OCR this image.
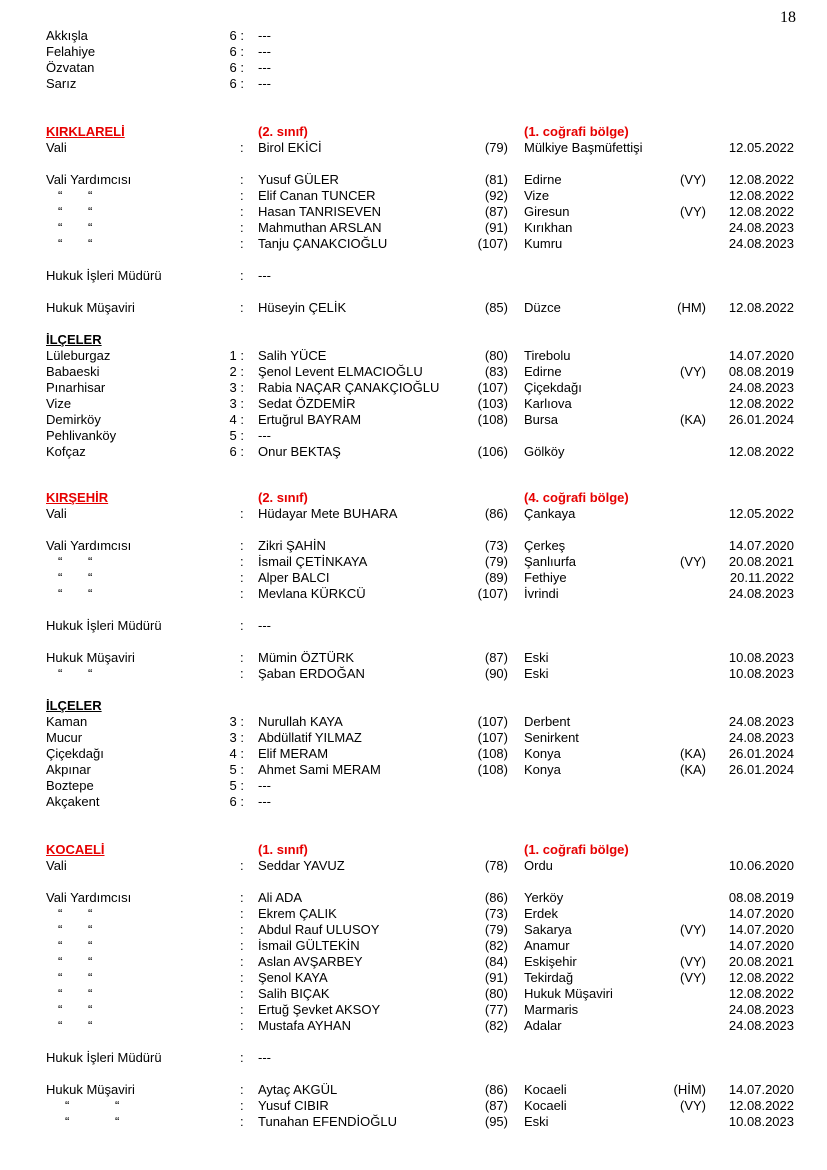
18
Akkışla	6 : ---
Felahiye	6 : ---
Özvatan	6 : ---
Sarız	6 : ---
KIRKLARELİ	(2. sınıf)	(1. coğrafi bölge)
Vali	: Birol EKİCİ	(79) Mülkiye Başmüfettişi	12.05.2022
Vali Yardımcısı	: Yusuf GÜLER	(81) Edirne	(VY)	12.08.2022
“ “	: Elif Canan TUNCER	(92) Vize	12.08.2022
“ “	: Hasan TANRISEVEN	(87) Giresun	(VY)	12.08.2022
“ “	: Mahmuthan ARSLAN	(91) Kırıkhan	24.08.2023
“ “	: Tanju ÇANAKCIOĞLU	(107) Kumru	24.08.2023
Hukuk İşleri Müdürü	: ---
Hukuk Müşaviri	: Hüseyin ÇELİK	(85) Düzce	(HM)	12.08.2022
İLÇELER
Lüleburgaz	1 : Salih YÜCE	(80) Tirebolu	14.07.2020
Babaeski	2 : Şenol Levent ELMACIOĞLU	(83) Edirne	(VY)	08.08.2019
Pınarhisar	3 : Rabia NAÇAR ÇANAKÇIOĞLU	(107) Çiçekdağı	24.08.2023
Vize	3 : Sedat ÖZDEMİR	(103) Karlıova	12.08.2022
Demirköy	4 : Ertuğrul BAYRAM	(108) Bursa	(KA)	26.01.2024
Pehlivanköy	5 : ---
Kofçaz	6 : Onur BEKTAŞ	(106) Gölköy	12.08.2022
KIRŞEHİR	(2. sınıf)	(4. coğrafi bölge)
Vali	: Hüdayar Mete BUHARA	(86) Çankaya	12.05.2022
Vali Yardımcısı	: Zikri ŞAHİN	(73) Çerkeş	14.07.2020
“ “	: İsmail ÇETİNKAYA	(79) Şanlıurfa	(VY)	20.08.2021
“ “	: Alper BALCI	(89) Fethiye	20.11.2022
“ “	: Mevlana KÜRKCÜ	(107) İvrindi	24.08.2023
Hukuk İşleri Müdürü	: ---
Hukuk Müşaviri	: Mümin ÖZTÜRK	(87) Eski	10.08.2023
“ “	: Şaban ERDOĞAN	(90) Eski	10.08.2023
İLÇELER
Kaman	3 : Nurullah KAYA	(107) Derbent	24.08.2023
Mucur	3 : Abdüllatif YILMAZ	(107) Senirkent	24.08.2023
Çiçekdağı	4 : Elif MERAM	(108) Konya	(KA)	26.01.2024
Akpınar	5 : Ahmet Sami MERAM	(108) Konya	(KA)	26.01.2024
Boztepe	5 : ---
Akçakent	6 : ---
KOCAELİ	(1. sınıf)	(1. coğrafi bölge)
Vali	: Seddar YAVUZ	(78) Ordu	10.06.2020
Vali Yardımcısı	: Ali ADA	(86) Yerköy	08.08.2019
“ “	: Ekrem ÇALIK	(73) Erdek	14.07.2020
“ “	: Abdul Rauf ULUSOY	(79) Sakarya	(VY)	14.07.2020
“ “	: İsmail GÜLTEKİN	(82) Anamur	14.07.2020
“ “	: Aslan AVŞARBEY	(84) Eskişehir	(VY)	20.08.2021
“ “	: Şenol KAYA	(91) Tekirdağ	(VY)	12.08.2022
“ “	: Salih BIÇAK	(80) Hukuk Müşaviri	12.08.2022
“ “	: Ertuğ Şevket AKSOY	(77) Marmaris	24.08.2023
“ “	: Mustafa AYHAN	(82) Adalar	24.08.2023
Hukuk İşleri Müdürü	: ---
Hukuk Müşaviri	: Aytaç AKGÜL	(86) Kocaeli	(HİM)	14.07.2020
“	“	: Yusuf CIBIR	(87) Kocaeli	(VY)	12.08.2022
“	“	: Tunahan EFENDİOĞLU	(95) Eski	10.08.2023
